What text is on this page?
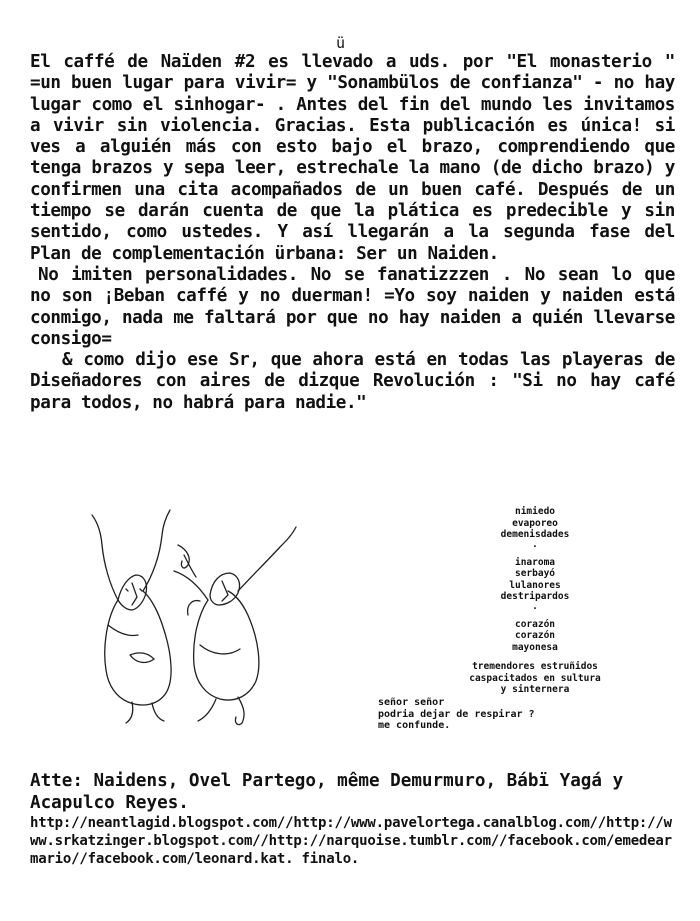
ü

El caffé de Naïden #2 es llevado a uds. por "El monasterio " =un buen lugar para vivir= y "Sonambülos de confianza" - no hay lugar como el sinhogar- . Antes del fin del mundo les invitamos a vivir sin violencia. Gracias. Esta publicación es única! si ves a alguién más con esto bajo el brazo, comprendiendo que tenga brazos y sepa leer, estrechale la mano (de dicho brazo) y confirmen una cita acompañados de un buen café. Después de un tiempo se darán cuenta de que la plática es predecible y sin sentido, como ustedes. Y así llegarán a la segunda fase del Plan de complementación ürbana: Ser un Naiden.

No imiten personalidades. No se fanatizzzen . No sean lo que no son ¡Beban caffé y no duerman! =Yo soy naiden y naiden está conmigo, nada me faltará por que no hay naiden a quién llevarse consigo=

& como dijo ese Sr, que ahora está en todas las playeras de Diseñadores con aires de dizque Revolución : "Si no hay café para todos, no habrá para nadie."

nimiedo
evaporeo
demenisdades
.
inaroma
serbayó
lulanores
destripardos
.
corazón
corazón
mayonesa
tremendores estruñidos
caspacitados en sultura
y sinternera
señor señor
podria dejar de respirar ?
me confunde.

Atte: Naidens, Ovel Partego, même Demurmuro, Bábï Yagá y Acapulco Reyes.

http://neantlagid.blogspot.com//http://www.pavelortega.canalblog.com//http://www.srkatzinger.blogspot.com//http://narquoise.tumblr.com//facebook.com/emedearmario//facebook.com/leonard.kat. finalo.
